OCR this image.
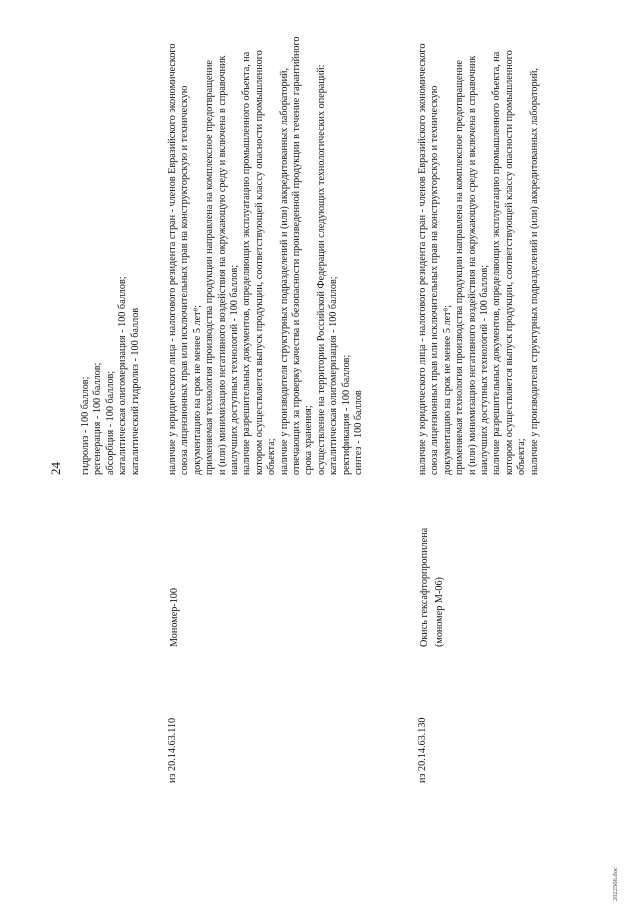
24 гидролиз - 100 баллов; регенерация - 100 баллов; абсорбция - 100 баллов; каталитическая олигомеризация - 100 баллов; каталитический гидролиз - 100 баллов
из 20.14.63.110
Мономер-100
наличие у юридического лица - налогового резидента стран - членов Евразийского экономического союза лицензионных прав или исключительных прав на конструкторскую и техническую документацию на срок не менее 5 лет⁸; применяемая технология производства продукции направлена на комплексное предотвращение и (или) минимизацию негативного воздействия на окружающую среду и включена в справочник наилучших доступных технологий - 100 баллов; наличие разрешительных документов, определяющих эксплуатацию промышленного объекта, на котором осуществляется выпуск продукции, соответствующей классу опасности промышленного объекта; наличие у производителя структурных подразделений и (или) аккредитованных лабораторий, отвечающих за проверку качества и безопасности произведенной продукции в течение гарантийного срока хранения; осуществление на территории Российской Федерации следующих технологических операций: каталитическая олигомеризация - 100 баллов; ректификация - 100 баллов; синтез - 100 баллов
из 20.14.63.130
Окись гексафторпропилена (мономер М-06)
наличие у юридического лица - налогового резидента стран - членов Евразийского экономического союза лицензионных прав или исключительных прав на конструкторскую и техническую документацию на срок не менее 5 лет⁸; применяемая технология производства продукции направлена на комплексное предотвращение и (или) минимизацию негативного воздействия на окружающую среду и включена в справочник наилучших доступных технологий - 100 баллов; наличие разрешительных документов, определяющих эксплуатацию промышленного объекта, на котором осуществляется выпуск продукции, соответствующей классу опасности промышленного объекта; наличие у производителя структурных подразделений и (или) аккредитованных лабораторий,
2022566.doc
